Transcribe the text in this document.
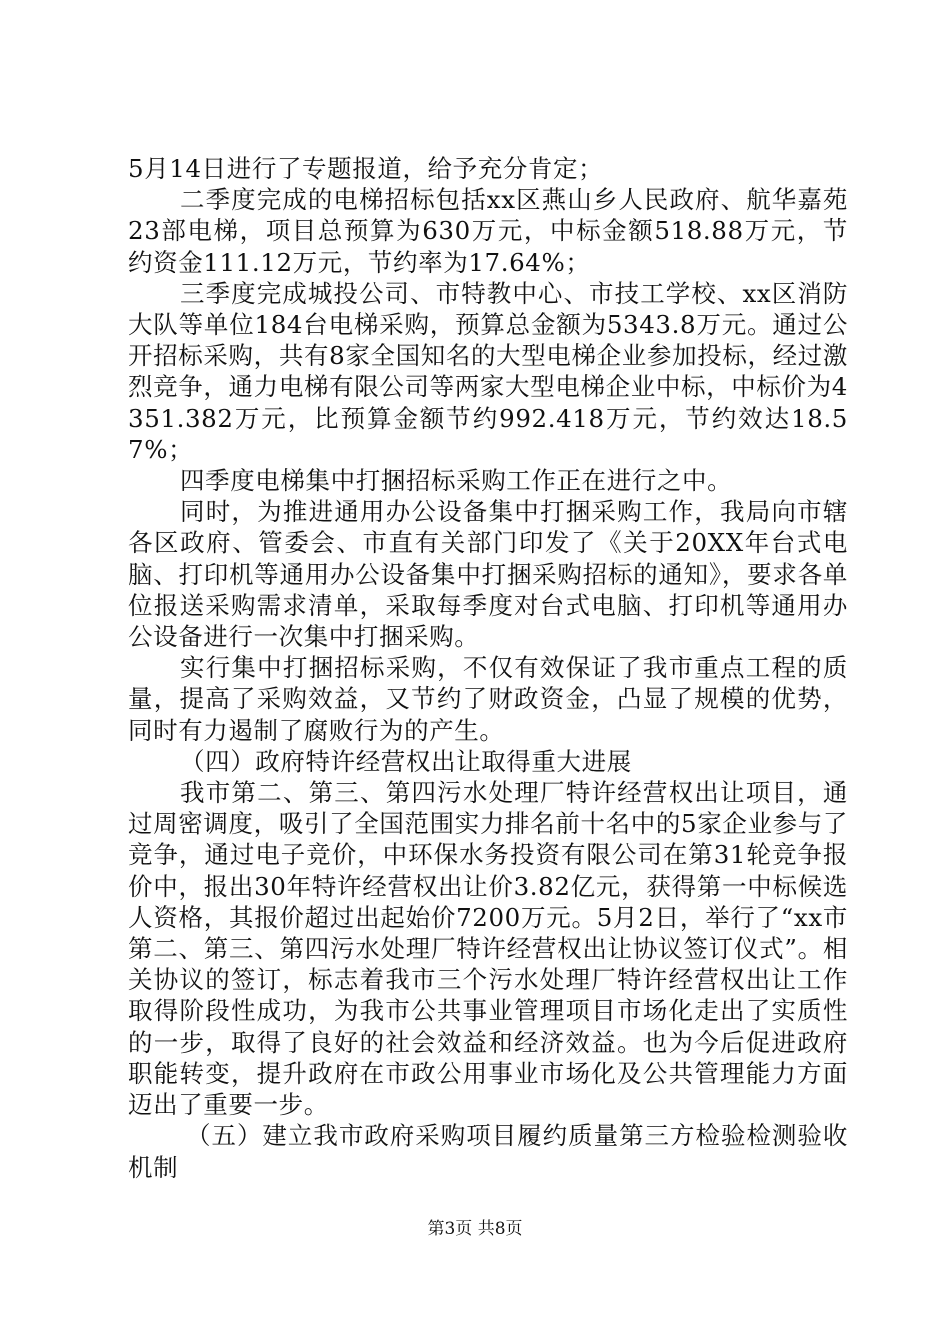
5月14日进行了专题报道，给予充分肯定；

二季度完成的电梯招标包括xx区燕山乡人民政府、航华嘉苑23部电梯，项目总预算为630万元，中标金额518.88万元，节约资金111.12万元，节约率为17.64%；

三季度完成城投公司、市特教中心、市技工学校、xx区消防大队等单位184台电梯采购，预算总金额为5343.8万元。通过公开招标采购，共有8家全国知名的大型电梯企业参加投标，经过激烈竞争，通力电梯有限公司等两家大型电梯企业中标，中标价为4351.382万元，比预算金额节约992.418万元，节约效达18.57%；

四季度电梯集中打捆招标采购工作正在进行之中。

同时，为推进通用办公设备集中打捆采购工作，我局向市辖各区政府、管委会、市直有关部门印发了《关于20XX年台式电脑、打印机等通用办公设备集中打捆采购招标的通知》，要求各单位报送采购需求清单，采取每季度对台式电脑、打印机等通用办公设备进行一次集中打捆采购。

实行集中打捆招标采购，不仅有效保证了我市重点工程的质量，提高了采购效益，又节约了财政资金，凸显了规模的优势，同时有力遏制了腐败行为的产生。

（四）政府特许经营权出让取得重大进展

我市第二、第三、第四污水处理厂特许经营权出让项目，通过周密调度，吸引了全国范围实力排名前十名中的5家企业参与了竞争，通过电子竞价，中环保水务投资有限公司在第31轮竞争报价中，报出30年特许经营权出让价3.82亿元，获得第一中标候选人资格，其报价超过出起始价7200万元。5月2日，举行了“xx市第二、第三、第四污水处理厂特许经营权出让协议签订仪式”。相关协议的签订，标志着我市三个污水处理厂特许经营权出让工作取得阶段性成功，为我市公共事业管理项目市场化走出了实质性的一步，取得了良好的社会效益和经济效益。也为今后促进政府职能转变，提升政府在市政公用事业市场化及公共管理能力方面迈出了重要一步。

（五）建立我市政府采购项目履约质量第三方检验检测验收机制

第3页 共8页
